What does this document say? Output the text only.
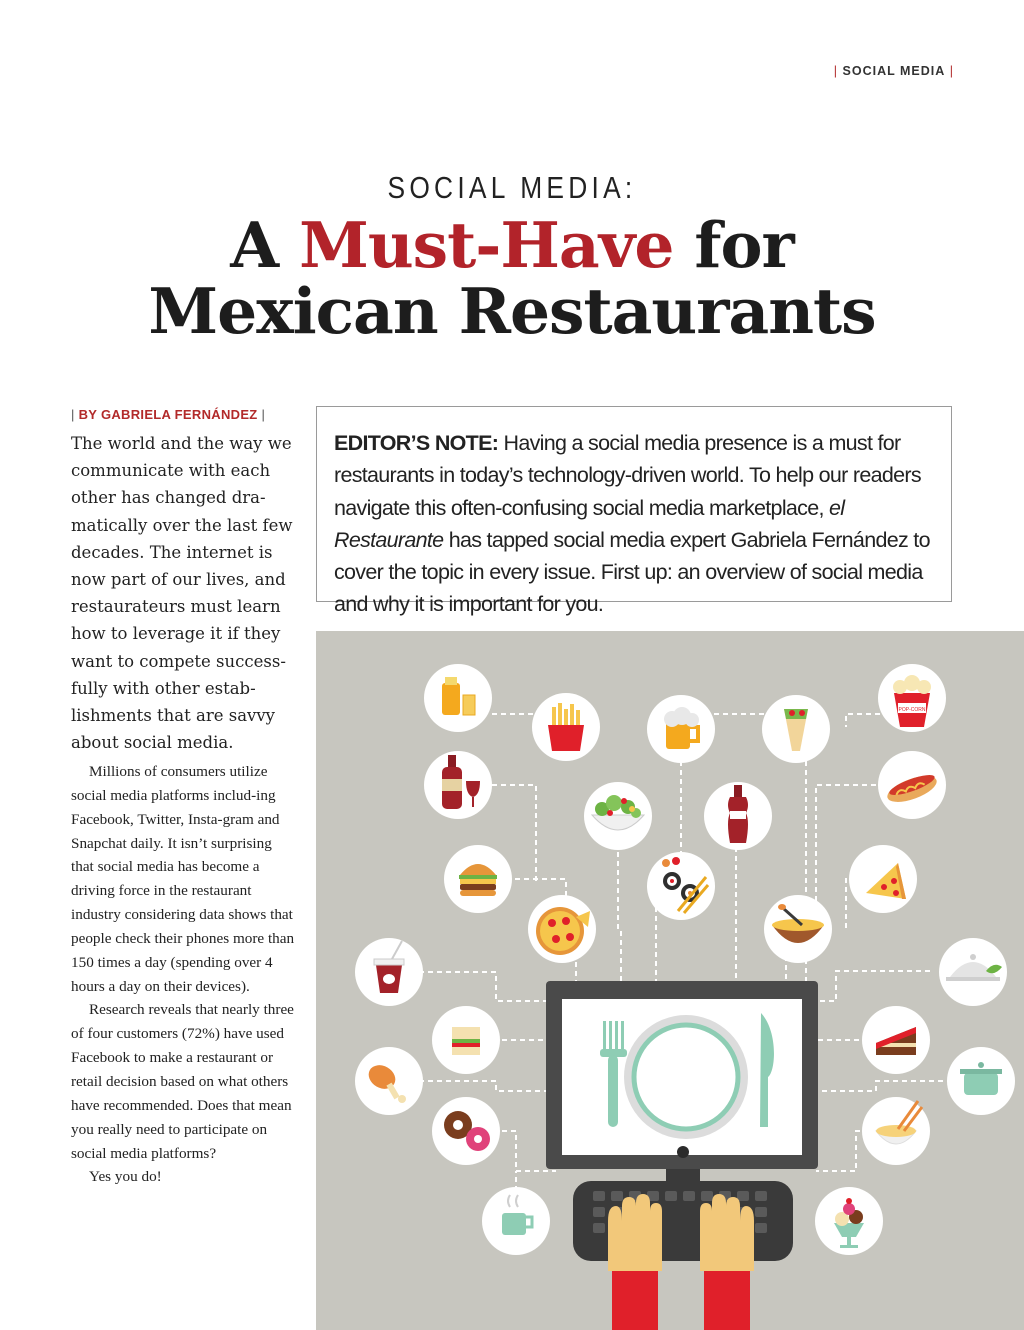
| SOCIAL MEDIA |
SOCIAL MEDIA:
A Must-Have for
Mexican Restaurants
| BY GABRIELA FERNÁNDEZ |
The world and the way we communicate with each other has changed dra-matically over the last few decades. The internet is now part of our lives, and restaurateurs must learn how to leverage it if they want to compete success-fully with other estab-lishments that are savvy about social media.

Millions of consumers utilize social media platforms includ-ing Facebook, Twitter, Insta-gram and Snapchat daily. It isn’t surprising that social media has become a driving force in the restaurant industry considering data shows that people check their phones more than 150 times a day (spending over 4 hours a day on their devices).

Research reveals that nearly three of four customers (72%) have used Facebook to make a restaurant or retail decision based on what others have recommended. Does that mean you really need to participate on social media platforms?

Yes you do!

EDITOR’S NOTE: Having a social media presence is a must for restaurants in today’s technology-driven world. To help our readers navigate this often-confusing social media marketplace, el Restaurante has tapped social media expert Gabriela Fernández to cover the topic in every issue. First up: an overview of social media and why it is important for you.
POP-CORN
